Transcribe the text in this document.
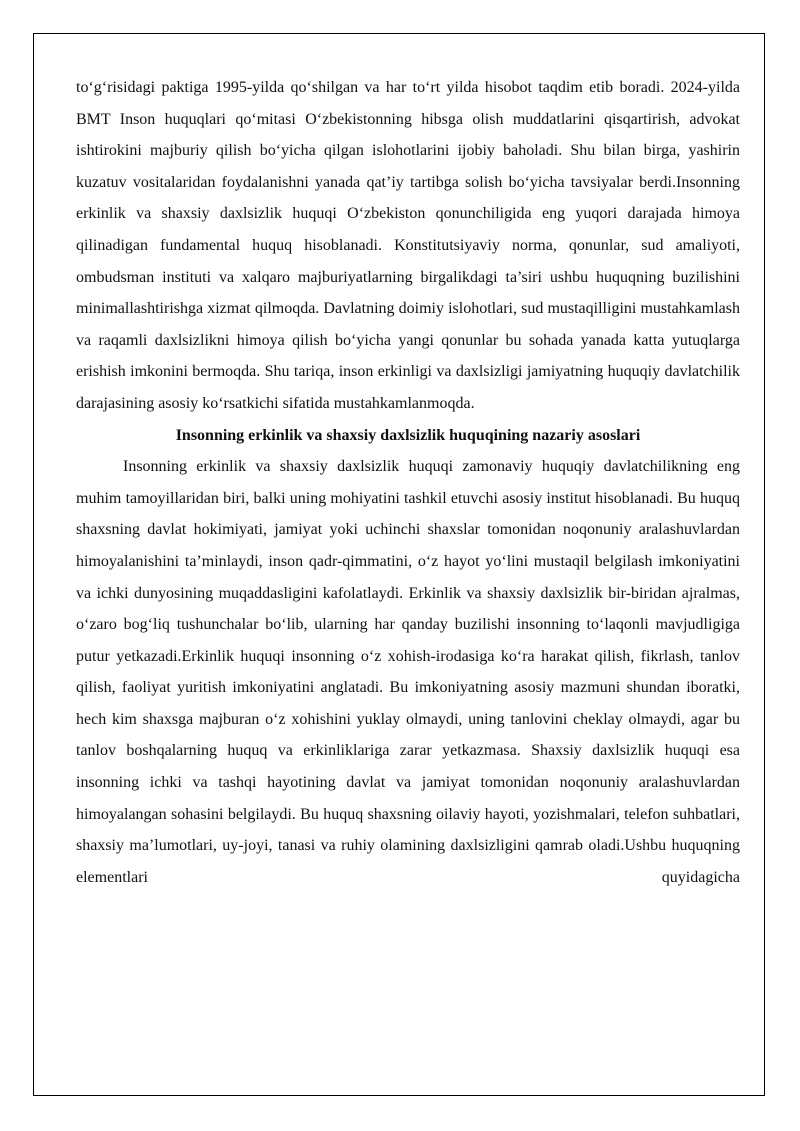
to‘g‘risidagi paktiga 1995-yilda qo‘shilgan va har to‘rt yilda hisobot taqdim etib boradi. 2024-yilda BMT Inson huquqlari qo‘mitasi O‘zbekistonning hibsga olish muddatlarini qisqartirish, advokat ishtirokini majburiy qilish bo‘yicha qilgan islohotlarini ijobiy baholadi. Shu bilan birga, yashirin kuzatuv vositalaridan foydalanishni yanada qat’iy tartibga solish bo‘yicha tavsiyalar berdi.Insonning erkinlik va shaxsiy daxlsizlik huquqi O‘zbekiston qonunchiligida eng yuqori darajada himoya qilinadigan fundamental huquq hisoblanadi. Konstitutsiyaviy norma, qonunlar, sud amaliyoti, ombudsman instituti va xalqaro majburiyatlarning birgalikdagi ta’siri ushbu huquqning buzilishini minimallashtirishga xizmat qilmoqda. Davlatning doimiy islohotlari, sud mustaqilligini mustahkamlash va raqamli daxlsizlikni himoya qilish bo‘yicha yangi qonunlar bu sohada yanada katta yutuqlarga erishish imkonini bermoqda. Shu tariqa, inson erkinligi va daxlsizligi jamiyatning huquqiy davlatchilik darajasining asosiy ko‘rsatkichi sifatida mustahkamlanmoqda.

Insonning erkinlik va shaxsiy daxlsizlik huquqining nazariy asoslari

Insonning erkinlik va shaxsiy daxlsizlik huquqi zamonaviy huquqiy davlatchilikning eng muhim tamoyillaridan biri, balki uning mohiyatini tashkil etuvchi asosiy institut hisoblanadi. Bu huquq shaxsning davlat hokimiyati, jamiyat yoki uchinchi shaxslar tomonidan noqonuniy aralashuvlardan himoyalanishini ta’minlaydi, inson qadr-qimmatini, o‘z hayot yo‘lini mustaqil belgilash imkoniyatini va ichki dunyosining muqaddasligini kafolatlaydi. Erkinlik va shaxsiy daxlsizlik bir-biridan ajralmas, o‘zaro bog‘liq tushunchalar bo‘lib, ularning har qanday buzilishi insonning to‘laqonli mavjudligiga putur yetkazadi.Erkinlik huquqi insonning o‘z xohish-irodasiga ko‘ra harakat qilish, fikrlash, tanlov qilish, faoliyat yuritish imkoniyatini anglatadi. Bu imkoniyatning asosiy mazmuni shundan iboratki, hech kim shaxsga majburan o‘z xohishini yuklay olmaydi, uning tanlovini cheklay olmaydi, agar bu tanlov boshqalarning huquq va erkinliklariga zarar yetkazmasa. Shaxsiy daxlsizlik huquqi esa insonning ichki va tashqi hayotining davlat va jamiyat tomonidan noqonuniy aralashuvlardan himoyalangan sohasini belgilaydi. Bu huquq shaxsning oilaviy hayoti, yozishmalari, telefon suhbatlari, shaxsiy ma’lumotlari, uy-joyi, tanasi va ruhiy olamining daxlsizligini qamrab oladi.Ushbu huquqning elementlari quyidagicha
